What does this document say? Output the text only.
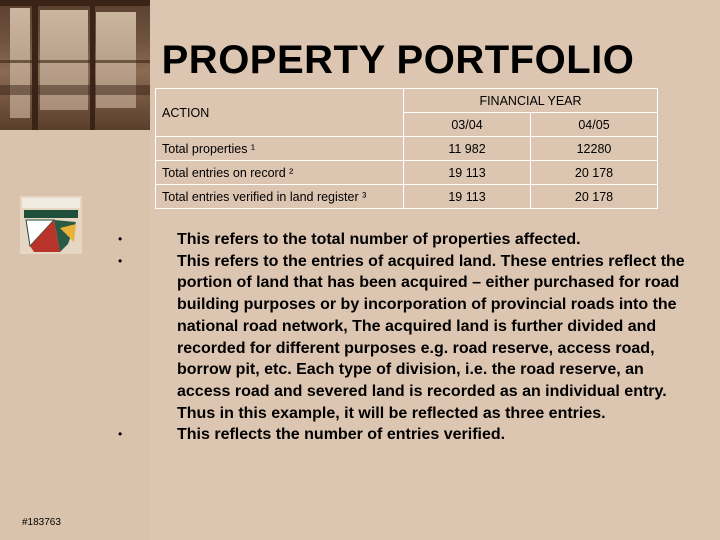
PROPERTY PORTFOLIO
ACTION	FINANCIAL YEAR	
	03/04	04/05
Total properties ¹	11 982	12280
Total entries on record ²	19 113	20 178
Total entries verified in land register ³	19 113	20 178
•	This refers to the total number of properties affected.
•	This refers to the entries of acquired land. These entries reflect the portion of land that has been acquired – either purchased for road building purposes or by incorporation of provincial roads into the national road network, The acquired land is further divided and recorded for different purposes e.g. road reserve, access road, borrow pit, etc. Each type of division, i.e. the road reserve, an access road and severed land is recorded as an individual entry. Thus in this example, it will be reflected as three entries.
•	This reflects the number of entries verified.
#183763
